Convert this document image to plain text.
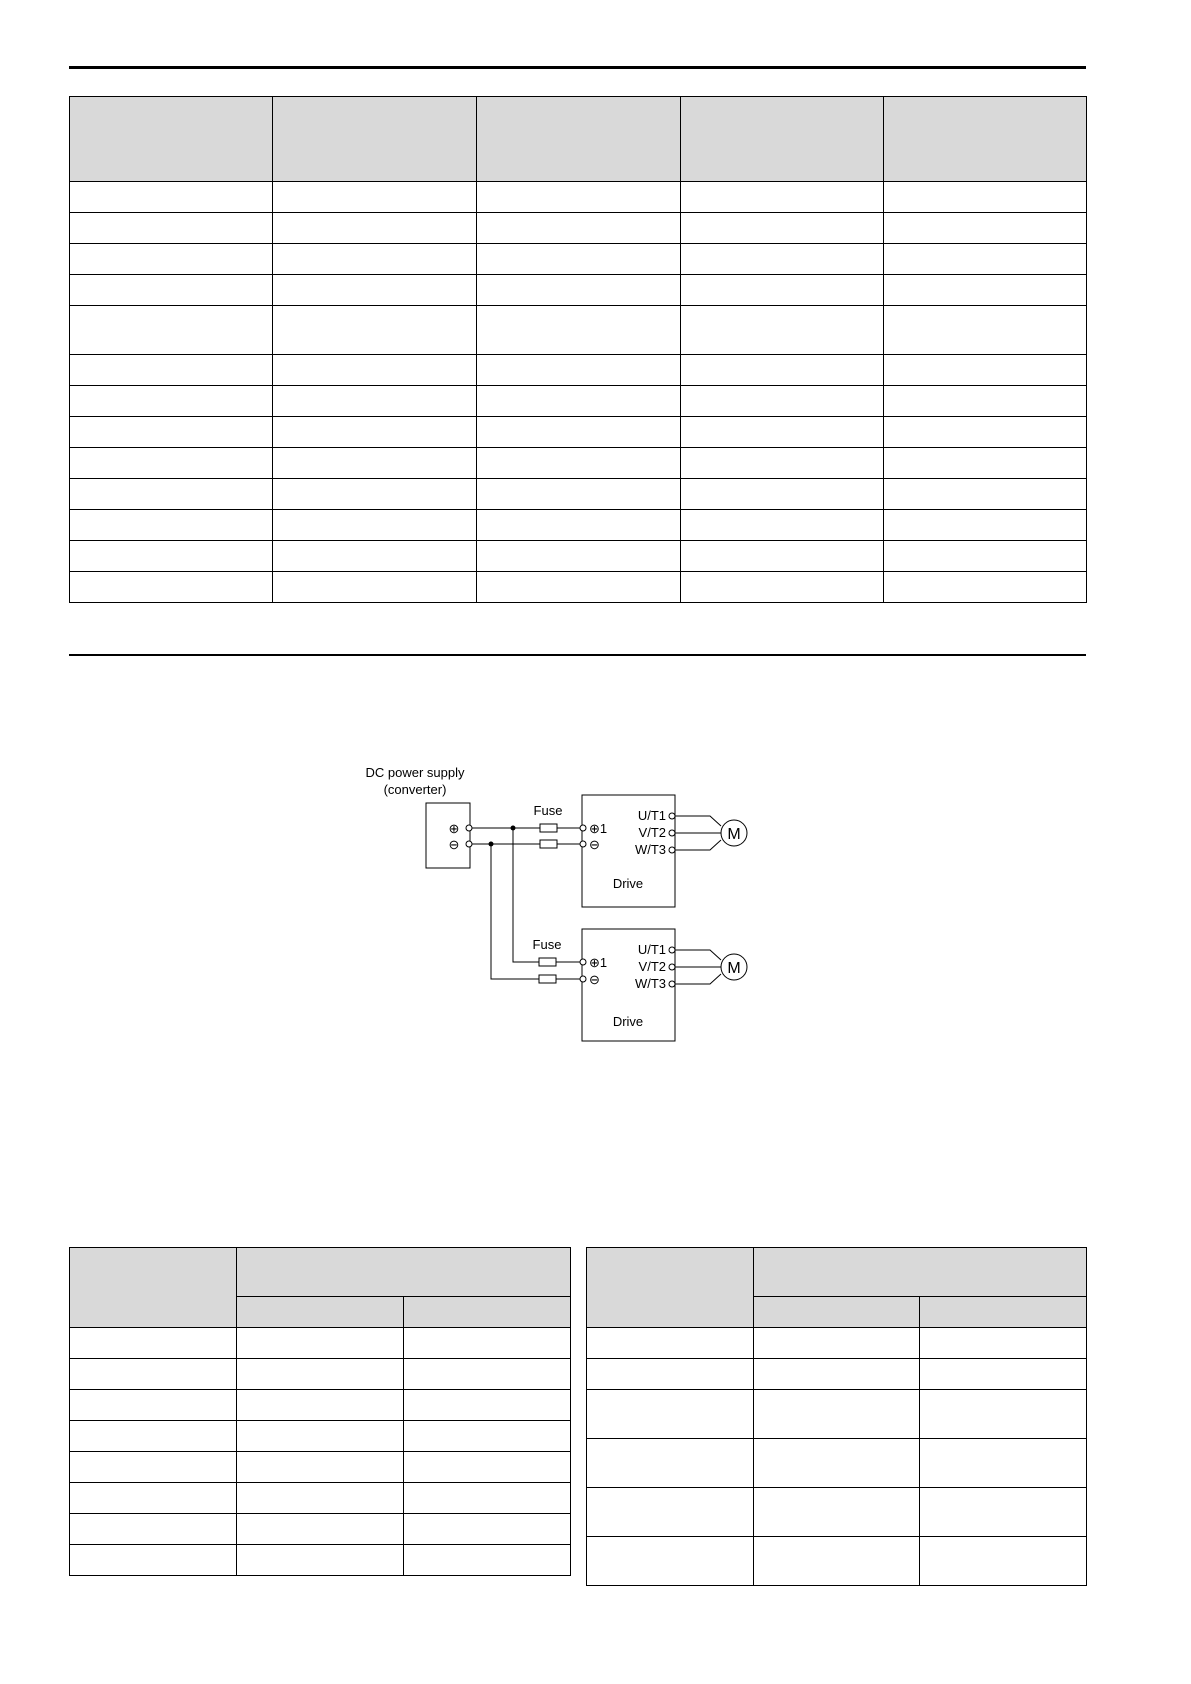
DC power supply
(converter)
⊕
⊖
Fuse
Fuse
⊕1
⊖
U/T1
V/T2
W/T3
M
Drive
⊕1
⊖
U/T1
V/T2
W/T3
M
Drive
